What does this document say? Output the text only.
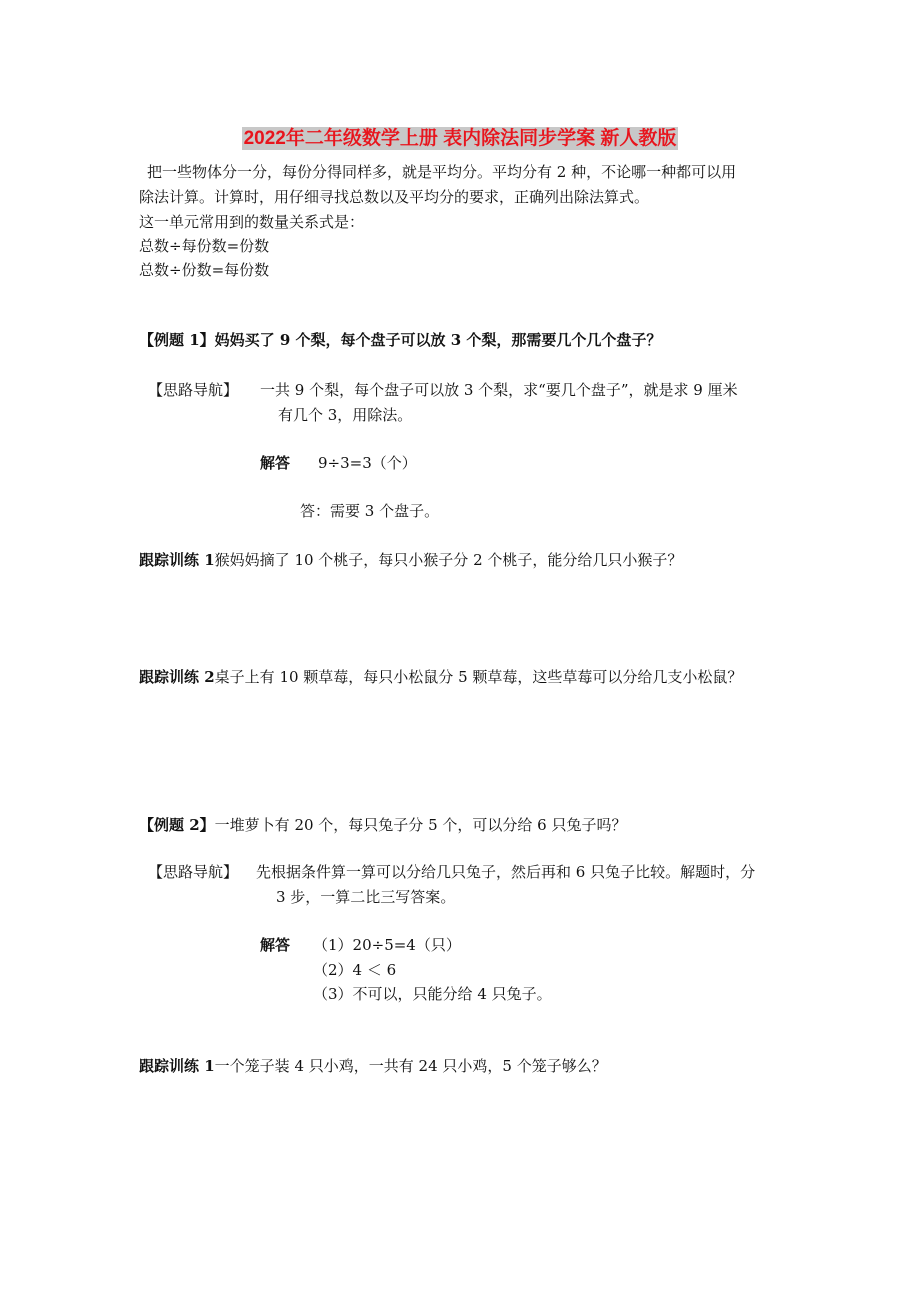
2022年二年级数学上册 表内除法同步学案 新人教版
把一些物体分一分，每份分得同样多，就是平均分。平均分有 2 种，不论哪一种都可以用
除法计算。计算时，用仔细寻找总数以及平均分的要求，正确列出除法算式。
这一单元常用到的数量关系式是：
总数÷每份数=份数
总数÷份数=每份数
【例题 1】妈妈买了 9 个梨，每个盘子可以放 3 个梨，那需要几个几个盘子？
【思路导航】 一共 9 个梨，每个盘子可以放 3 个梨，求“要几个盘子”，就是求 9 厘米
有几个 3，用除法。
解答 9÷3=3（个）
答：需要 3 个盘子。
跟踪训练 1猴妈妈摘了 10 个桃子，每只小猴子分 2 个桃子，能分给几只小猴子？
跟踪训练 2桌子上有 10 颗草莓，每只小松鼠分 5 颗草莓，这些草莓可以分给几支小松鼠？
【例题 2】一堆萝卜有 20 个，每只兔子分 5 个，可以分给 6 只兔子吗？
【思路导航】 先根据条件算一算可以分给几只兔子，然后再和 6 只兔子比较。解题时，分
3 步，一算二比三写答案。
解答 （1）20÷5=4（只）
（2）4 ＜ 6
（3）不可以，只能分给 4 只兔子。
跟踪训练 1一个笼子装 4 只小鸡，一共有 24 只小鸡，5 个笼子够么？
